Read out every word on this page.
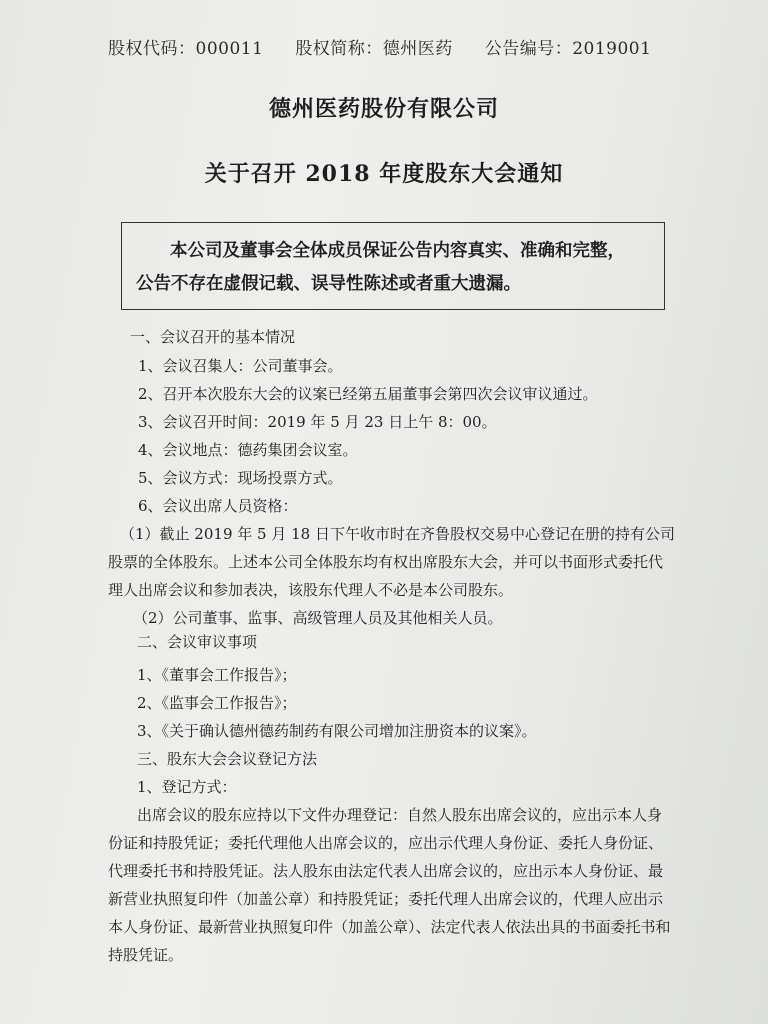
股权代码：000011 股权简称：德州医药 公告编号：2019001
德州医药股份有限公司
关于召开 2018 年度股东大会通知
本公司及董事会全体成员保证公告内容真实、准确和完整，
公告不存在虚假记载、误导性陈述或者重大遗漏。
一、会议召开的基本情况
1、会议召集人：公司董事会。
2、召开本次股东大会的议案已经第五届董事会第四次会议审议通过。
3、会议召开时间：2019 年 5 月 23 日上午 8：00。
4、会议地点：德药集团会议室。
5、会议方式：现场投票方式。
6、会议出席人员资格：
（1）截止 2019 年 5 月 18 日下午收市时在齐鲁股权交易中心登记在册的持有公司
股票的全体股东。上述本公司全体股东均有权出席股东大会，并可以书面形式委托代
理人出席会议和参加表决，该股东代理人不必是本公司股东。
（2）公司董事、监事、高级管理人员及其他相关人员。
二、会议审议事项
1、《董事会工作报告》；
2、《监事会工作报告》；
3、《关于确认德州德药制药有限公司增加注册资本的议案》。
三、股东大会会议登记方法
1、登记方式：
出席会议的股东应持以下文件办理登记：自然人股东出席会议的，应出示本人身
份证和持股凭证；委托代理他人出席会议的，应出示代理人身份证、委托人身份证、
代理委托书和持股凭证。法人股东由法定代表人出席会议的，应出示本人身份证、最
新营业执照复印件（加盖公章）和持股凭证；委托代理人出席会议的，代理人应出示
本人身份证、最新营业执照复印件（加盖公章）、法定代表人依法出具的书面委托书和
持股凭证。
